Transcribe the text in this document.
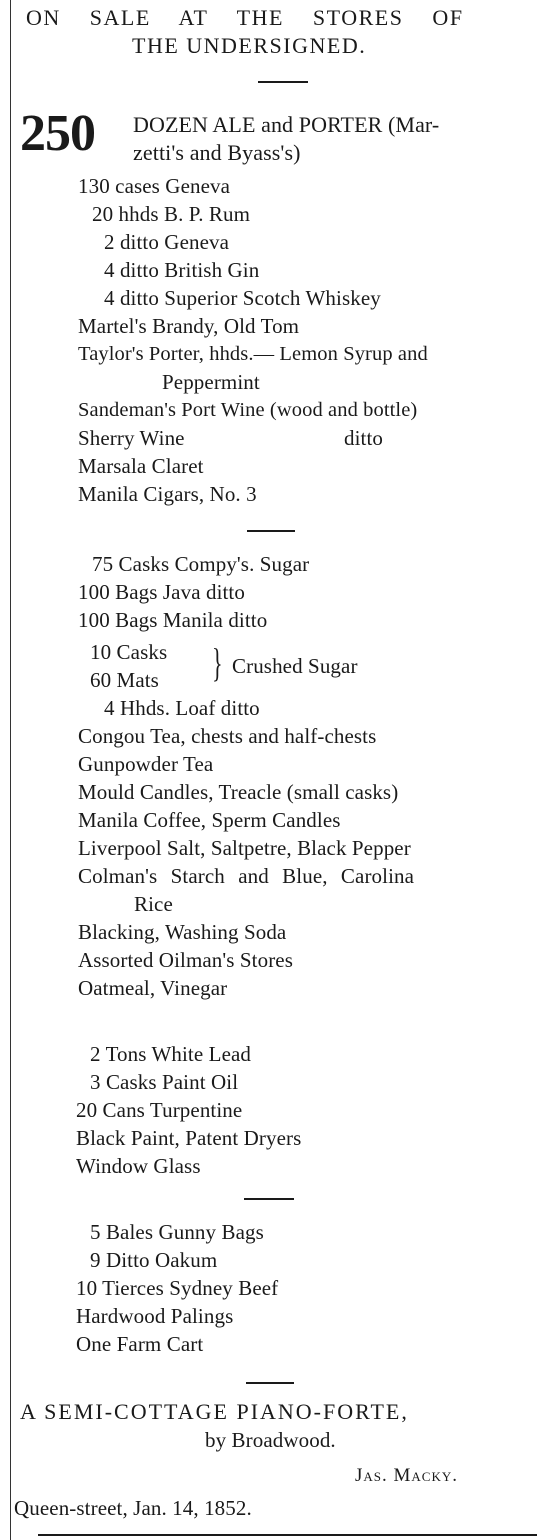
ON SALE AT THE STORES OF
THE UNDERSIGNED.
250 DOZEN ALE and PORTER (Mar-
zetti's and Byass's)
130 cases Geneva
20 hhds B. P. Rum
2 ditto Geneva
4 ditto British Gin
4 ditto Superior Scotch Whiskey
Martel's Brandy, Old Tom
Taylor's Porter, hhds.— Lemon Syrup and
Peppermint
Sandeman's Port Wine (wood and bottle)
Sherry Wine	ditto
Marsala Claret
Manila Cigars, No. 3
75 Casks Compy's. Sugar
100 Bags Java ditto
100 Bags Manila ditto
10 Casks
60 Mats } Crushed Sugar
4 Hhds. Loaf ditto
Congou Tea, chests and half-chests
Gunpowder Tea
Mould Candles, Treacle (small casks)
Manila Coffee, Sperm Candles
Liverpool Salt, Saltpetre, Black Pepper
Colman's Starch and Blue, Carolina
Rice
Blacking, Washing Soda
Assorted Oilman's Stores
Oatmeal, Vinegar
2 Tons White Lead
3 Casks Paint Oil
20 Cans Turpentine
Black Paint, Patent Dryers
Window Glass
5 Bales Gunny Bags
9 Ditto Oakum
10 Tierces Sydney Beef
Hardwood Palings
One Farm Cart
A SEMI-COTTAGE PIANO-FORTE,
by Broadwood.
Jas. Macky.
Queen-street, Jan. 14, 1852.
